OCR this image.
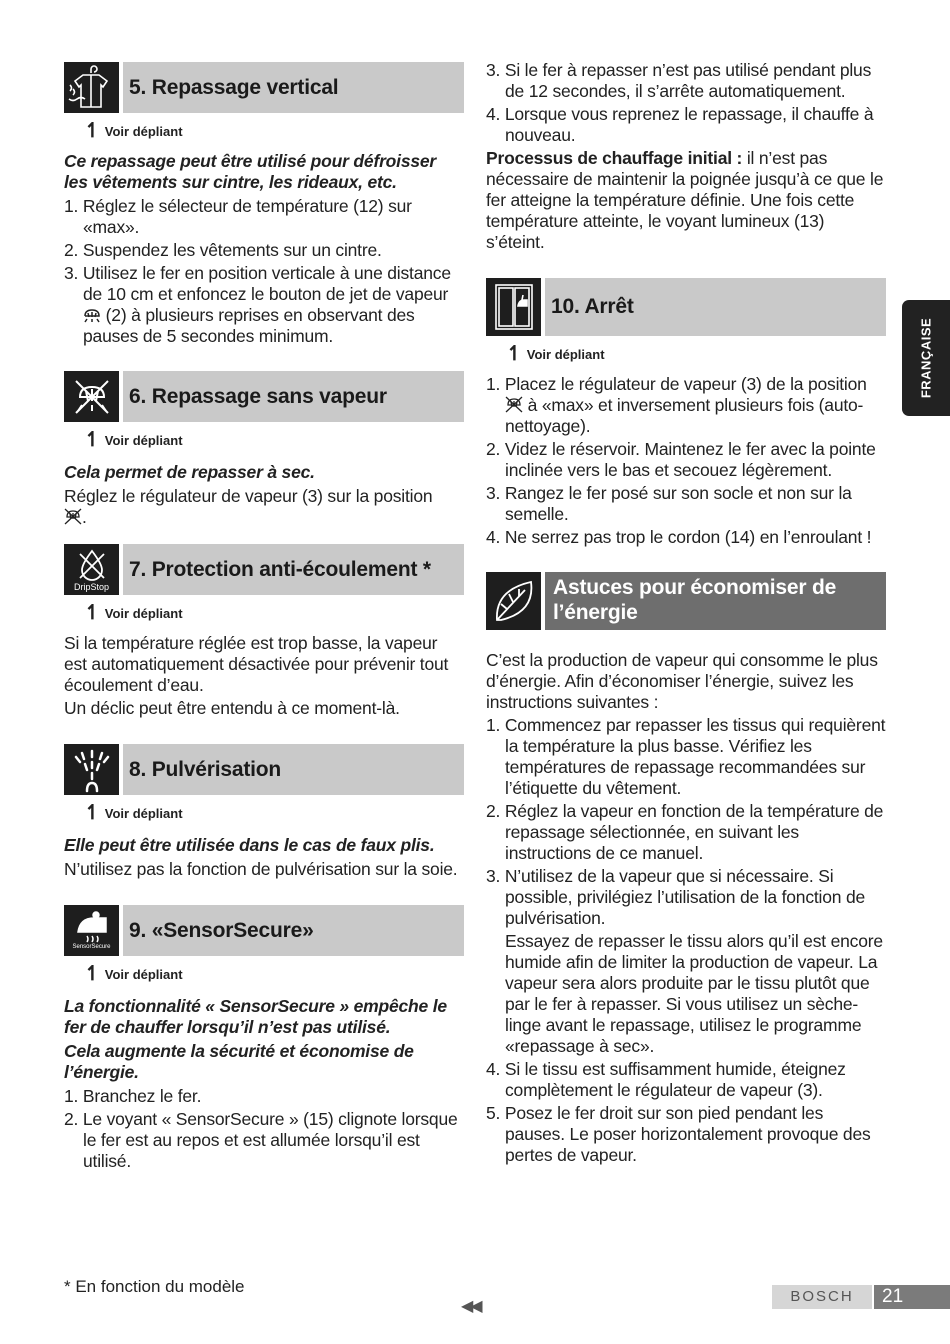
5. Repassage vertical
↿ Voir dépliant

Ce repassage peut être utilisé pour défroisser les vêtements sur cintre, les rideaux, etc.

1. Réglez le sélecteur de température (12) sur «max».
2. Suspendez les vêtements sur un cintre.
3. Utilisez le fer en position verticale à une distance de 10 cm et enfoncez le bouton de jet de vapeur
(2) à plusieurs reprises en observant des pauses de 5 secondes minimum.
6. Repassage sans vapeur
↿ Voir dépliant

Cela permet de repasser à sec.

Réglez le régulateur de vapeur (3) sur la position
.

DripStop
7. Protection anti-écoulement *
↿ Voir dépliant

Si la température réglée est trop basse, la vapeur est automatiquement désactivée pour prévenir tout écoulement d’eau.

Un déclic peut être entendu à ce moment-là.

8. Pulvérisation
↿ Voir dépliant

Elle peut être utilisée dans le cas de faux plis.

N’utilisez pas la fonction de pulvérisation sur la soie.

SensorSecure
9. «SensorSecure»
↿ Voir dépliant

La fonctionnalité « SensorSecure » empêche le fer de chauffer lorsqu’il n’est pas utilisé.

Cela augmente la sécurité et économise de l’énergie.

1. Branchez le fer.
2. Le voyant « SensorSecure » (15) clignote lorsque le fer est au repos et est allumée lorsqu’il est utilisé.
3. Si le fer à repasser n’est pas utilisé pendant plus de 12 secondes, il s’arrête automatiquement.
4. Lorsque vous reprenez le repassage, il chauffe à nouveau.

Processus de chauffage initial : il n’est pas nécessaire de maintenir la poignée jusqu’à ce que le fer atteigne la température définie. Une fois cette température atteinte, le voyant lumineux (13) s’éteint.

10. Arrêt
↿ Voir dépliant
1. Placez le régulateur de vapeur (3) de la position  à «max» et inversement plusieurs fois (auto-nettoyage).
2. Videz le réservoir. Maintenez le fer avec la pointe inclinée vers le bas et secouez légèrement.
3. Rangez le fer posé sur son socle et non sur la semelle.
4. Ne serrez pas trop le cordon (14) en l’enroulant !
Astuces pour économiser de l’énergie

C’est la production de vapeur qui consomme le plus d’énergie. Afin d’économiser l’énergie, suivez les instructions suivantes :

1. Commencez par repasser les tissus qui requièrent la température la plus basse. Vérifiez les températures de repassage recommandées sur l’étiquette du vêtement.
2. Réglez la vapeur en fonction de la température de repassage sélectionnée, en suivant les instructions de ce manuel.
3. N’utilisez de la vapeur que si nécessaire. Si possible, privilégiez l’utilisation de la fonction de pulvérisation.
Essayez de repasser le tissu alors qu’il est encore humide afin de limiter la production de vapeur. La vapeur sera alors produite par le tissu plutôt que par le fer à repasser. Si vous utilisez un sèche-linge avant le repassage, utilisez le programme «repassage à sec».
4. Si le tissu est suffisamment humide, éteignez complètement le régulateur de vapeur (3).
5. Posez le fer droit sur son pied pendant les pauses. Le poser horizontalement provoque des pertes de vapeur.
FRANÇAISE
* En fonction du modèle
◀◀
BOSCH	21
